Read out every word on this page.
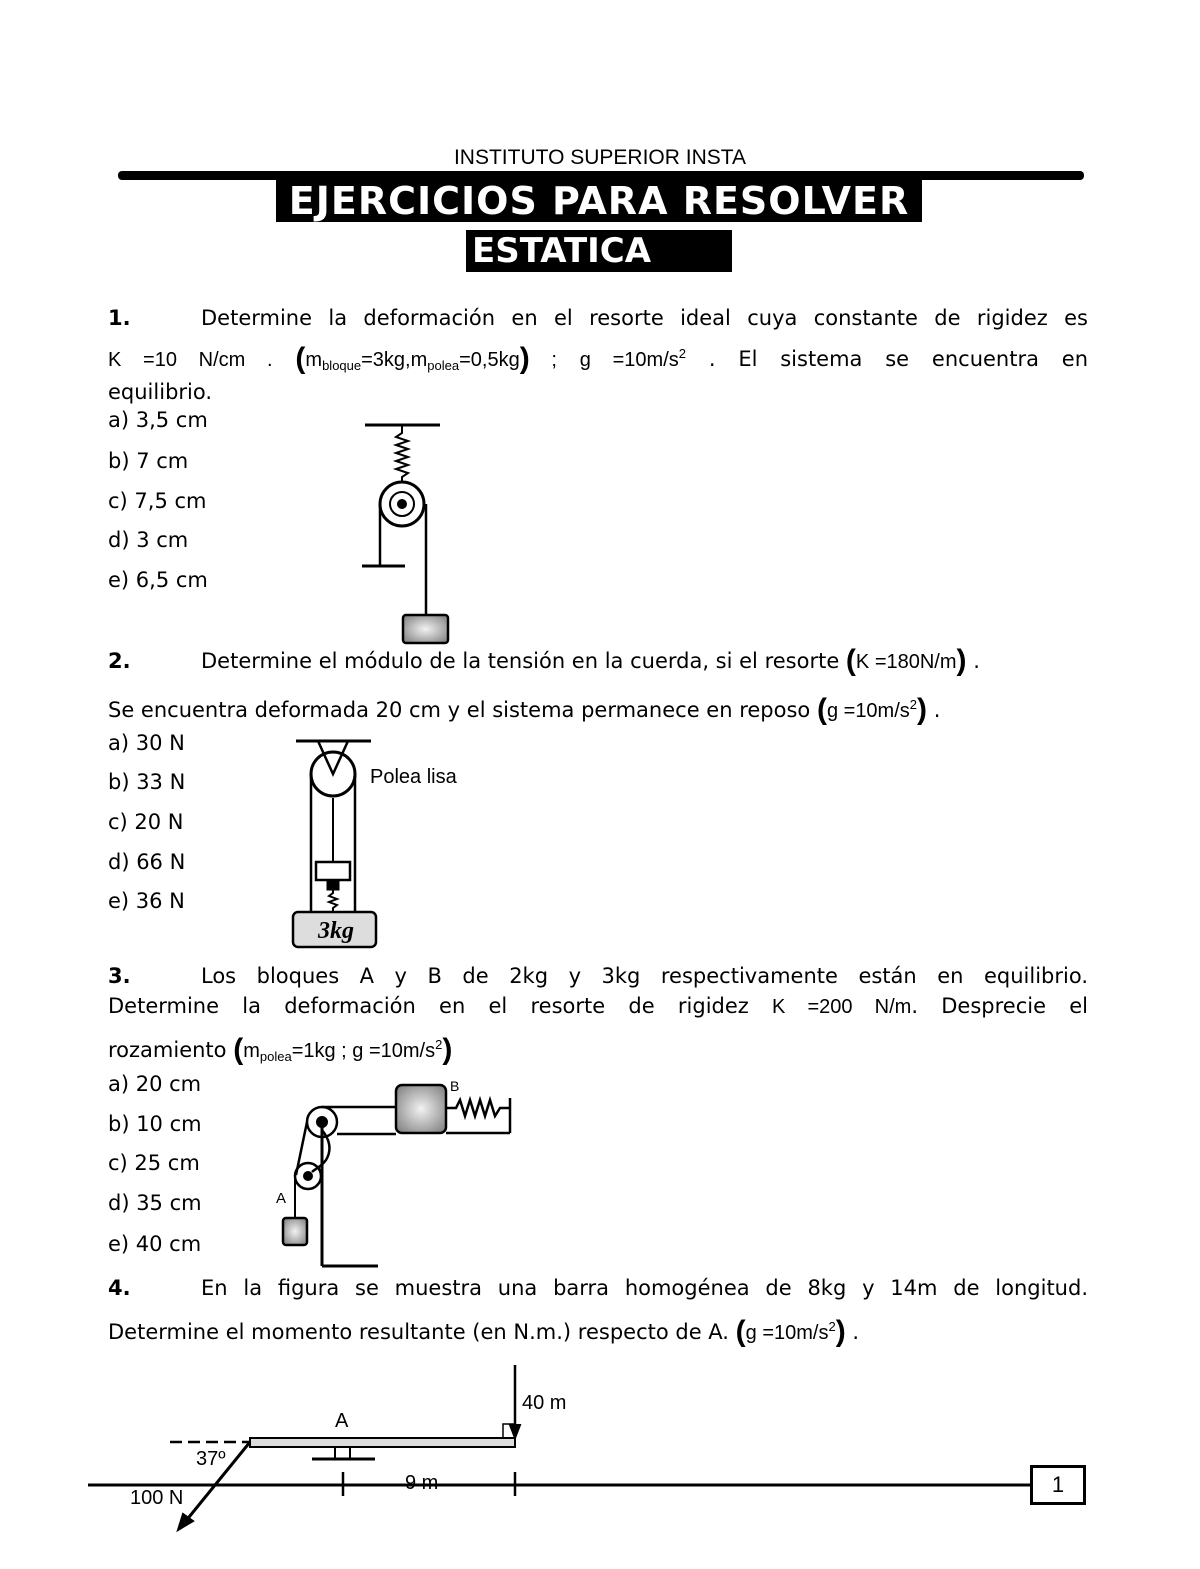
INSTITUTO SUPERIOR INSTA
EJERCICIOS PARA RESOLVER
ESTATICA
1.	Determine la deformación en el resorte ideal cuya constante de rigidez es
K =10 N/cm . $(m_{bloque}=3kg,m_{polea}=0,5kg)$ ; $g =10m/s^2$ . El sistema se encuentra en
equilibrio.
a) 3,5 cm
b) 7 cm
c) 7,5 cm
d) 3 cm
e) 6,5 cm
2.	Determine el módulo de la tensión en la cuerda, si el resorte (K =180N/m) .
Se encuentra deformada 20 cm y el sistema permanece en reposo $(g =10m/s^2)$ .
a) 30 N
b) 33 N
c) 20 N
d) 66 N
e) 36 N
Polea lisa
3.	Los bloques A y B de 2kg y 3kg respectivamente están en equilibrio.
Determine la deformación en el resorte de rigidez K =200 N/m. Desprecie el
rozamiento ($m_{polea}=1kg$ ; $g =10m/s^2$)
a) 20 cm
b) 10 cm
c) 25 cm
d) 35 cm
e) 40 cm
B
A
4.	En la figura se muestra una barra homogénea de 8kg y 14m de longitud.
Determine el momento resultante (en N.m.) respecto de A. $(g =10m/s^2)$ .
40 m
A
37º
100 N
9 m
3kg
1
